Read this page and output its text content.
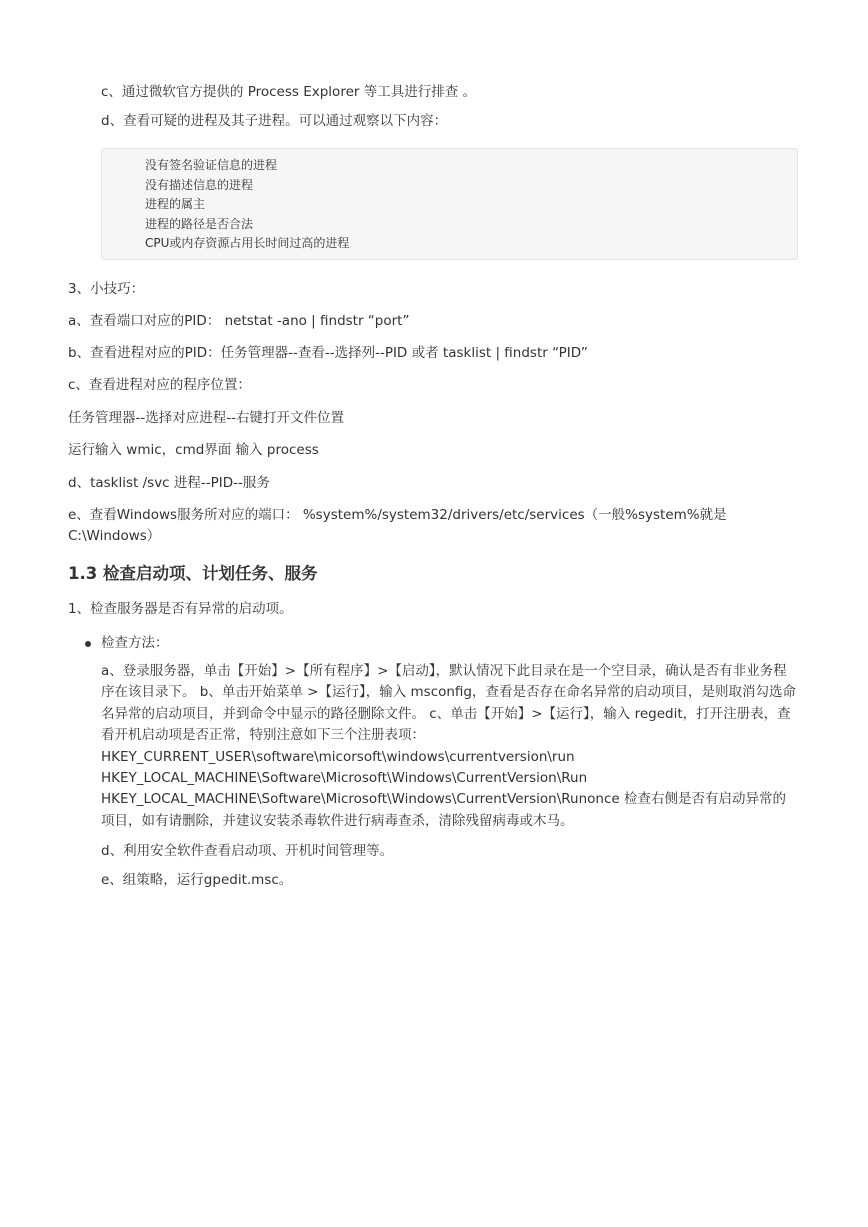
c、通过微软官方提供的 Process Explorer 等工具进行排查 。

d、查看可疑的进程及其子进程。可以通过观察以下内容：

没有签名验证信息的进程

没有描述信息的进程

进程的属主

进程的路径是否合法

CPU或内存资源占用长时间过高的进程

3、小技巧：

a、查看端口对应的PID： netstat -ano | findstr “port”

b、查看进程对应的PID：任务管理器--查看--选择列--PID 或者 tasklist | findstr “PID”

c、查看进程对应的程序位置：

任务管理器--选择对应进程--右键打开文件位置

运行输入 wmic，cmd界面 输入 process

d、tasklist /svc 进程--PID--服务

e、查看Windows服务所对应的端口： %system%/system32/drivers/etc/services（一般%system%就是 C:\Windows）

1.3 检查启动项、计划任务、服务

1、检查服务器是否有异常的启动项。

检查方法：

a、登录服务器，单击【开始】>【所有程序】>【启动】，默认情况下此目录在是一个空目录，确认是否有非业务程序在该目录下。 b、单击开始菜单 >【运行】，输入 msconfig，查看是否存在命名异常的启动项目，是则取消勾选命名异常的启动项目，并到命令中显示的路径删除文件。 c、单击【开始】>【运行】，输入 regedit，打开注册表，查看开机启动项是否正常，特别注意如下三个注册表项：
HKEY_CURRENT_USER\software\micorsoft\windows\currentversion\run
HKEY_LOCAL_MACHINE\Software\Microsoft\Windows\CurrentVersion\Run
HKEY_LOCAL_MACHINE\Software\Microsoft\Windows\CurrentVersion\Runonce 检查右侧是否有启动异常的项目，如有请删除，并建议安装杀毒软件进行病毒查杀，清除残留病毒或木马。

d、利用安全软件查看启动项、开机时间管理等。

e、组策略，运行gpedit.msc。
